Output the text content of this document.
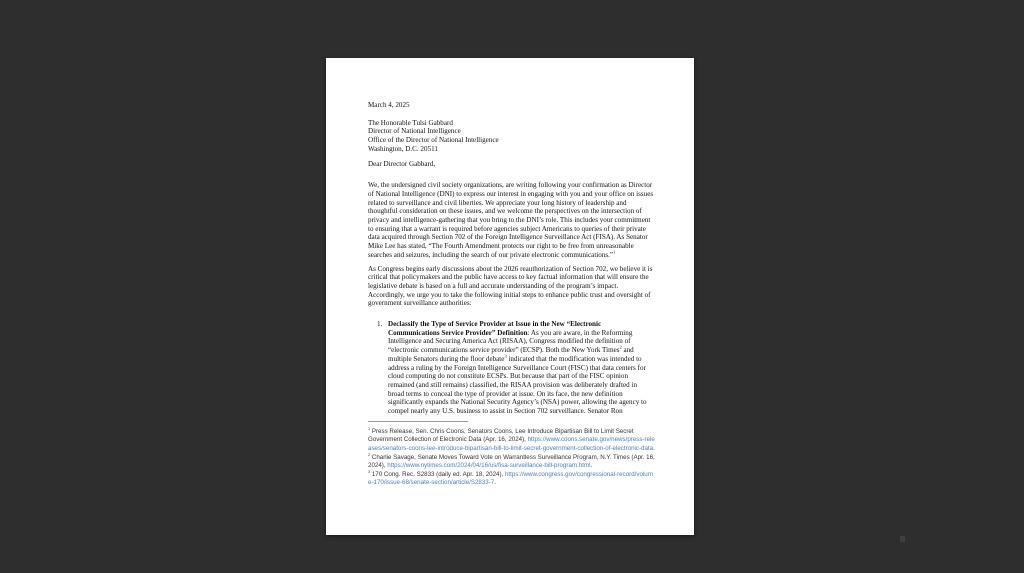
March 4, 2025
The Honorable Tulsi Gabbard
Director of National Intelligence
Office of the Director of National Intelligence
Washington, D.C. 20511
Dear Director Gabbard,

We, the undersigned civil society organizations, are writing following your confirmation as Director of National Intelligence (DNI) to express our interest in engaging with you and your office on issues related to surveillance and civil liberties. We appreciate your long history of leadership and thoughtful consideration on these issues, and we welcome the perspectives on the intersection of privacy and intelligence-gathering that you bring to the DNI’s role. This includes your commitment to ensuring that a warrant is required before agencies subject Americans to queries of their private data acquired through Section 702 of the Foreign Intelligence Surveillance Act (FISA). As Senator Mike Lee has stated, “The Fourth Amendment protects our right to be free from unreasonable searches and seizures, including the search of our private electronic communications.”$^1$

As Congress begins early discussions about the 2026 reauthorization of Section 702, we believe it is critical that policymakers and the public have access to key factual information that will ensure the legislative debate is based on a full and accurate understanding of the program’s impact. Accordingly, we urge you to take the following initial steps to enhance public trust and oversight of government surveillance authorities:

1. Declassify the Type of Service Provider at Issue in the New “Electronic Communications Service Provider” Definition: As you are aware, in the Reforming Intelligence and Securing America Act (RISAA), Congress modified the definition of “electronic communications service provider” (ECSP). Both the New York Times$^2$ and multiple Senators during the floor debate$^3$ indicated that the modification was intended to address a ruling by the Foreign Intelligence Surveillance Court (FISC) that data centers for cloud computing do not constitute ECSPs. But because that part of the FISC opinion remained (and still remains) classified, the RISAA provision was deliberately drafted in broad terms to conceal the type of provider at issue. On its face, the new definition significantly expands the National Security Agency’s (NSA) power, allowing the agency to compel nearly any U.S. business to assist in Section 702 surveillance. Senator Ron

$^1$ Press Release, Sen. Chris Coons, Senators Coons, Lee Introduce Bipartisan Bill to Limit Secret Government Collection of Electronic Data (Apr. 16, 2024), https://www.coons.senate.gov/news/press-releases/senators-coons-lee-introduce-bipartisan-bill-to-limit-secret-government-collection-of-electronic-data.

$^2$ Charlie Savage, Senate Moves Toward Vote on Warrantless Surveillance Program, N.Y. Times (Apr. 16, 2024), https://www.nytimes.com/2024/04/16/us/fisa-surveillance-bill-program.html.

$^3$ 170 Cong. Rec. S2833 (daily ed. Apr. 18, 2024), https://www.congress.gov/congressional-record/volume-170/issue-68/senate-section/article/S2833-7.
